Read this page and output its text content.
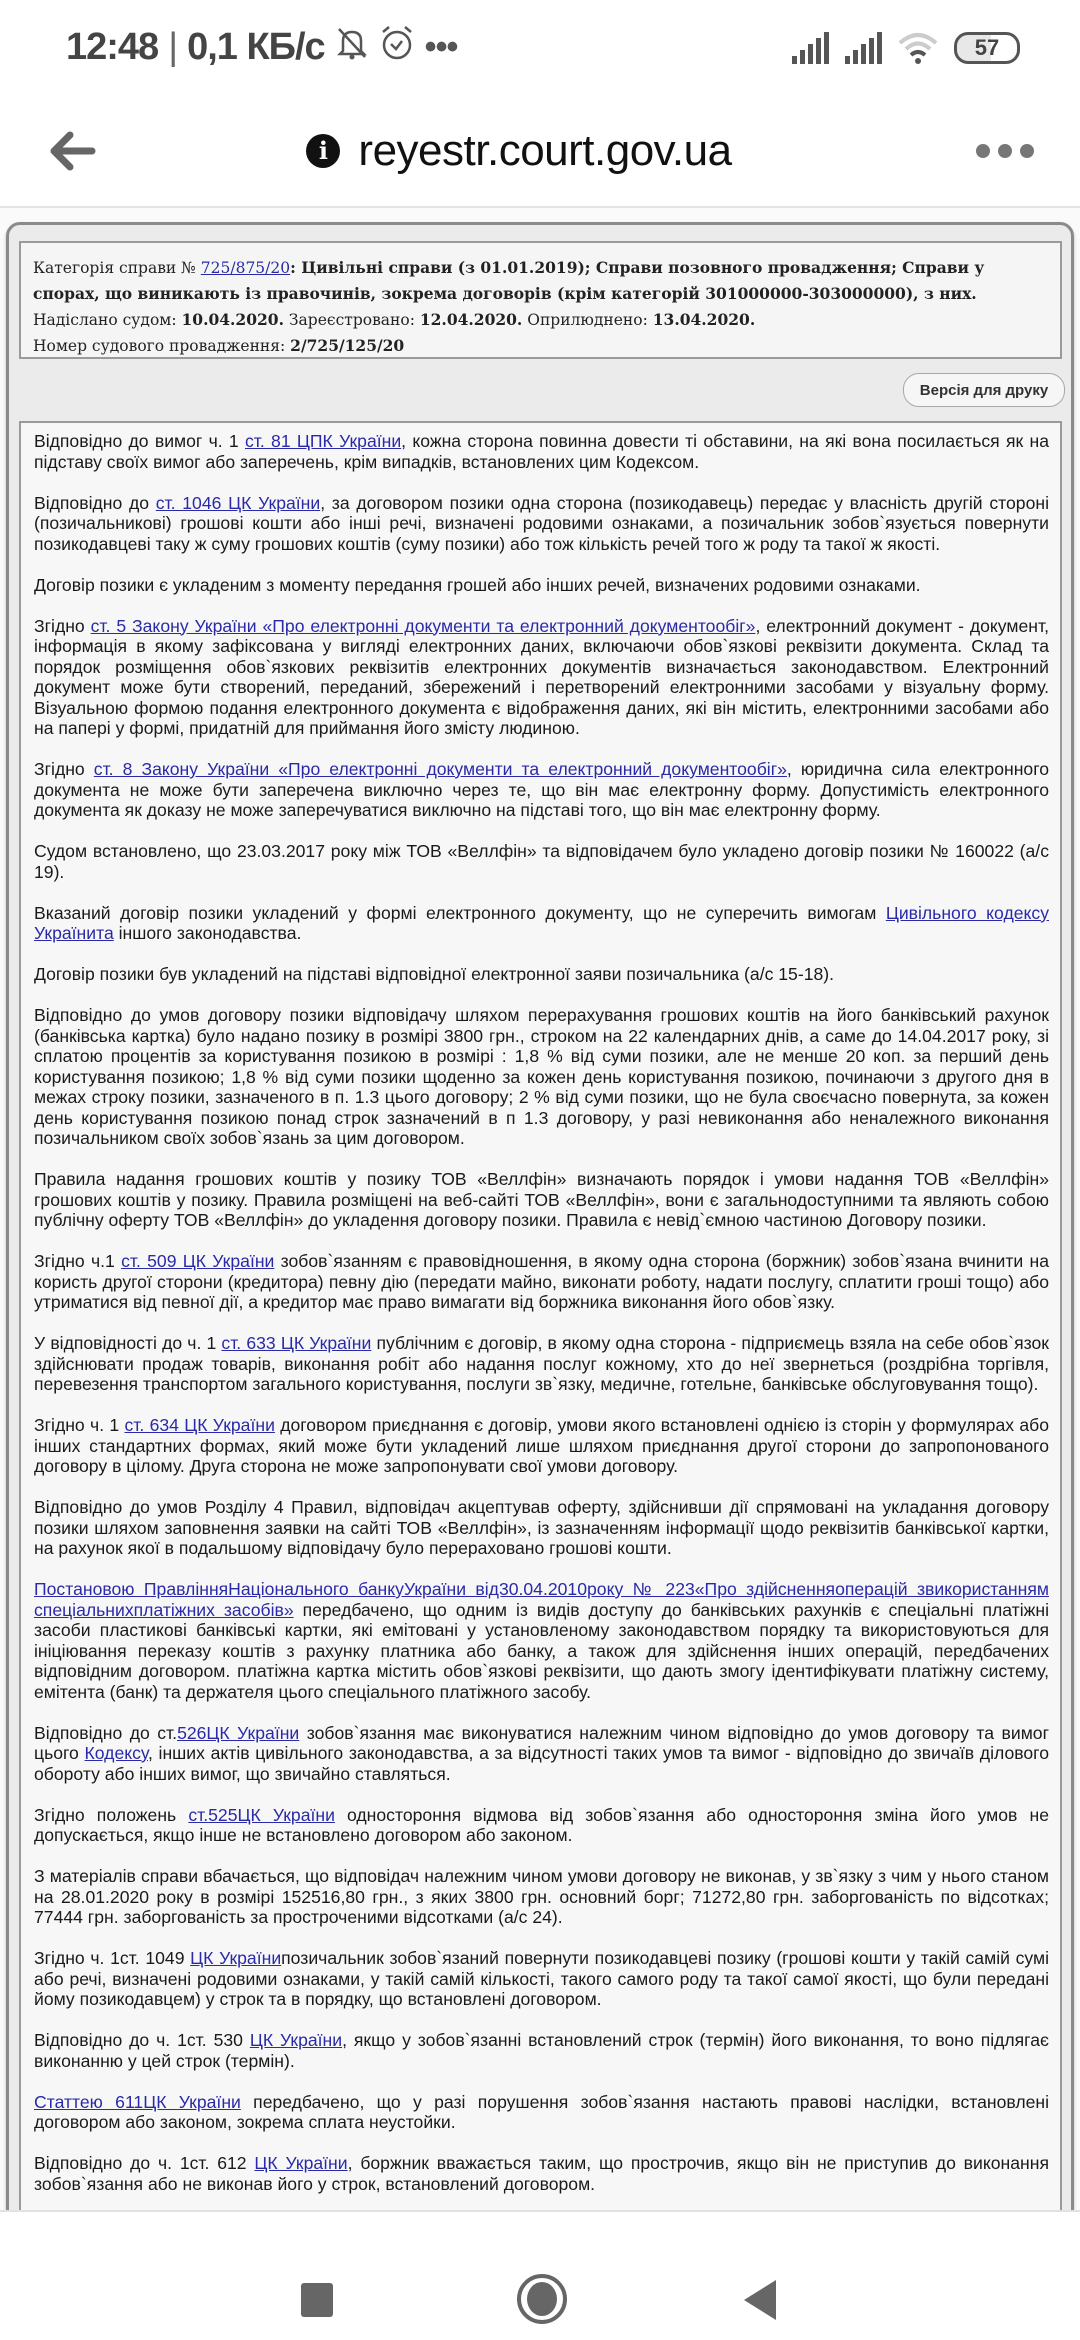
12:48 | 0,1 КБ/с	•••	57
i reyestr.court.gov.ua
Категорія справи № 725/875/20: Цивільні справи (з 01.01.2019); Справи позовного провадження; Справи у спорах, що виникають із правочинів, зокрема договорів (крім категорій 301000000-303000000), з них.
Надіслано судом: 10.04.2020. Зареєстровано: 12.04.2020. Оприлюднено: 13.04.2020.
Номер судового провадження: 2/725/125/20
Версія для друку

Відповідно до вимог ч. 1 ст. 81 ЦПК України, кожна сторона повинна довести ті обставини, на які вона посилається як на підставу своїх вимог або заперечень, крім випадків, встановлених цим Кодексом.

Відповідно до ст. 1046 ЦК України, за договором позики одна сторона (позикодавець) передає у власність другій стороні (позичальникові) грошові кошти або інші речі, визначені родовими ознаками, а позичальник зобов`язується повернути позикодавцеві таку ж суму грошових коштів (суму позики) або тож кількість речей того ж роду та такої ж якості.

Договір позики є укладеним з моменту передання грошей або інших речей, визначених родовими ознаками.

Згідно ст. 5 Закону України «Про електронні документи та електронний документообіг», електронний документ - документ, інформація в якому зафіксована у вигляді електронних даних, включаючи обов`язкові реквізити документа. Склад та порядок розміщення обов`язкових реквізитів електронних документів визначається законодавством. Електронний документ може бути створений, переданий, збережений і перетворений електронними засобами у візуальну форму. Візуальною формою подання електронного документа є відображення даних, які він містить, електронними засобами або на папері у формі, придатній для приймання його змісту людиною.

Згідно ст. 8 Закону України «Про електронні документи та електронний документообіг», юридична сила електронного документа не може бути заперечена виключно через те, що він має електронну форму. Допустимість електронного документа як доказу не може заперечуватися виключно на підставі того, що він має електронну форму.

Судом встановлено, що 23.03.2017 року між ТОВ «Веллфін» та відповідачем було укладено договір позики № 160022 (а/с 19).

Вказаний договір позики укладений у формі електронного документу, що не суперечить вимогам Цивільного кодексу Українита іншого законодавства.

Договір позики був укладений на підставі відповідної електронної заяви позичальника (а/с 15-18).

Відповідно до умов договору позики відповідачу шляхом перерахування грошових коштів на його банківський рахунок (банківська картка) було надано позику в розмірі 3800 грн., строком на 22 календарних днів, а саме до 14.04.2017 року, зі сплатою процентів за користування позикою в розмірі : 1,8 % від суми позики, але не менше 20 коп. за перший день користування позикою; 1,8 % від суми позики щоденно за кожен день користування позикою, починаючи з другого дня в межах строку позики, зазначеного в п. 1.3 цього договору; 2 % від суми позики, що не була своєчасно повернута, за кожен день користування позикою понад строк зазначений в п 1.3 договору, у разі невиконання або неналежного виконання позичальником своїх зобов`язань за цим договором.

Правила надання грошових коштів у позику ТОВ «Веллфін» визначають порядок і умови надання ТОВ «Веллфін» грошових коштів у позику. Правила розміщені на веб-сайті ТОВ «Веллфін», вони є загальнодоступними та являють собою публічну оферту ТОВ «Веллфін» до укладення договору позики. Правила є невід`ємною частиною Договору позики.

Згідно ч.1 ст. 509 ЦК України зобов`язанням є правовідношення, в якому одна сторона (боржник) зобов`язана вчинити на користь другої сторони (кредитора) певну дію (передати майно, виконати роботу, надати послугу, сплатити гроші тощо) або утриматися від певної дії, а кредитор має право вимагати від боржника виконання його обов`язку.

У відповідності до ч. 1 ст. 633 ЦК України публічним є договір, в якому одна сторона - підприємець взяла на себе обов`язок здійснювати продаж товарів, виконання робіт або надання послуг кожному, хто до неї звернеться (роздрібна торгівля, перевезення транспортом загального користування, послуги зв`язку, медичне, готельне, банківське обслуговування тощо).

Згідно ч. 1 ст. 634 ЦК України договором приєднання є договір, умови якого встановлені однією із сторін у формулярах або інших стандартних формах, який може бути укладений лише шляхом приєднання другої сторони до запропонованого договору в цілому. Друга сторона не може запропонувати свої умови договору.

Відповідно до умов Розділу 4 Правил, відповідач акцептував оферту, здійснивши дії спрямовані на укладання договору позики шляхом заповнення заявки на сайті ТОВ «Веллфін», із зазначенням інформації щодо реквізитів банківської картки, на рахунок якої в подальшому відповідачу було перераховано грошові кошти.

Постановою ПравлінняНаціонального банкуУкраїни від30.04.2010року № 223«Про здійсненняоперацій звикористанням спеціальнихплатіжних засобів» передбачено, що одним із видів доступу до банківських рахунків є спеціальні платіжні засоби пластикові банківські картки, які емітовані у установленому законодавством порядку та використовуються для ініціювання переказу коштів з рахунку платника або банку, а також для здійснення інших операцій, передбачених відповідним договором. платіжна картка містить обов`язкові реквізити, що дають змогу ідентифікувати платіжну систему, емітента (банк) та держателя цього спеціального платіжного засобу.

Відповідно до ст.526ЦК України зобов`язання має виконуватися належним чином відповідно до умов договору та вимог цього Кодексу, інших актів цивільного законодавства, а за відсутності таких умов та вимог - відповідно до звичаїв ділового обороту або інших вимог, що звичайно ставляться.

Згідно положень ст.525ЦК України одностороння відмова від зобов`язання або одностороння зміна його умов не допускається, якщо інше не встановлено договором або законом.

З матеріалів справи вбачається, що відповідач належним чином умови договору не виконав, у зв`язку з чим у нього станом на 28.01.2020 року в розмірі 152516,80 грн., з яких 3800 грн. основний борг; 71272,80 грн. заборгованість по відсотках; 77444 грн. заборгованість за простроченими відсотками (а/с 24).

Згідно ч. 1ст. 1049 ЦК Українипозичальник зобов`язаний повернути позикодавцеві позику (грошові кошти у такій самій сумі або речі, визначені родовими ознаками, у такій самій кількості, такого самого роду та такої самої якості, що були передані йому позикодавцем) у строк та в порядку, що встановлені договором.

Відповідно до ч. 1ст. 530 ЦК України, якщо у зобов`язанні встановлений строк (термін) його виконання, то воно підлягає виконанню у цей строк (термін).

Статтею 611ЦК України передбачено, що у разі порушення зобов`язання настають правові наслідки, встановлені договором або законом, зокрема сплата неустойки.

Відповідно до ч. 1ст. 612 ЦК України, боржник вважається таким, що прострочив, якщо він не приступив до виконання зобов`язання або не виконав його у строк, встановлений договором.
